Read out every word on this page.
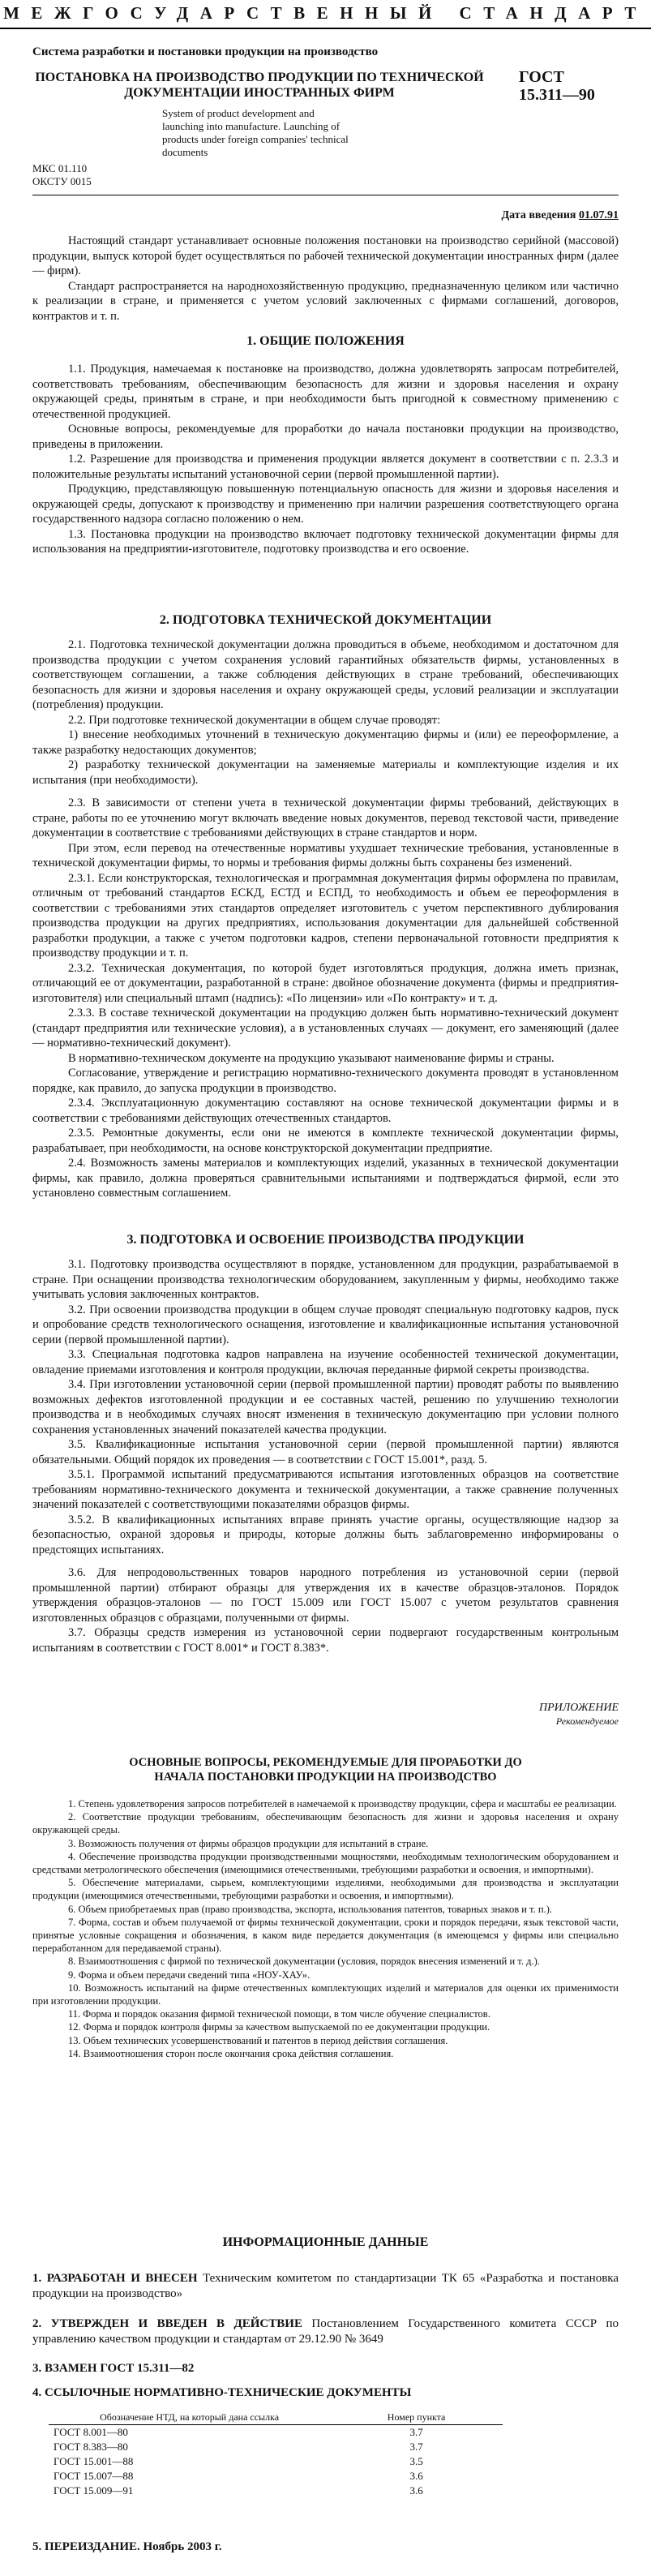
МЕЖГОСУДАРСТВЕННЫЙ СТАНДАРТ
Система разработки и постановки продукции на производство
ПОСТАНОВКА НА ПРОИЗВОДСТВО ПРОДУКЦИИ ПО ТЕХНИЧЕСКОЙ ДОКУМЕНТАЦИИ ИНОСТРАННЫХ ФИРМ
ГОСТ
15.311—90
System of product development and launching into manufacture. Launching of products under foreign companies' technical documents
МКС 01.110
ОКСТУ 0015
Дата введения 01.07.91

Настоящий стандарт устанавливает основные положения постановки на производство серийной (массовой) продукции, выпуск которой будет осуществляться по рабочей технической документации иностранных фирм (далее — фирм).

Стандарт распространяется на народнохозяйственную продукцию, предназначенную целиком или частично к реализации в стране, и применяется с учетом условий заключенных с фирмами соглашений, договоров, контрактов и т. п.

1. ОБЩИЕ ПОЛОЖЕНИЯ

1.1. Продукция, намечаемая к постановке на производство, должна удовлетворять запросам потребителей, соответствовать требованиям, обеспечивающим безопасность для жизни и здоровья населения и охрану окружающей среды, принятым в стране, и при необходимости быть пригодной к совместному применению с отечественной продукцией.

Основные вопросы, рекомендуемые для проработки до начала постановки продукции на производство, приведены в приложении.

1.2. Разрешение для производства и применения продукции является документ в соответствии с п. 2.3.3 и положительные результаты испытаний установочной серии (первой промышленной партии).

Продукцию, представляющую повышенную потенциальную опасность для жизни и здоровья населения и окружающей среды, допускают к производству и применению при наличии разрешения соответствующего органа государственного надзора согласно положению о нем.

1.3. Постановка продукции на производство включает подготовку технической документации фирмы для использования на предприятии-изготовителе, подготовку производства и его освоение.

2. ПОДГОТОВКА ТЕХНИЧЕСКОЙ ДОКУМЕНТАЦИИ

2.1. Подготовка технической документации должна проводиться в объеме, необходимом и достаточном для производства продукции с учетом сохранения условий гарантийных обязательств фирмы, установленных в соответствующем соглашении, а также соблюдения действующих в стране требований, обеспечивающих безопасность для жизни и здоровья населения и охрану окружающей среды, условий реализации и эксплуатации (потребления) продукции.

2.2. При подготовке технической документации в общем случае проводят:

1) внесение необходимых уточнений в техническую документацию фирмы и (или) ее переоформление, а также разработку недостающих документов;

2) разработку технической документации на заменяемые материалы и комплектующие изделия и их испытания (при необходимости).

2.3. В зависимости от степени учета в технической документации фирмы требований, действующих в стране, работы по ее уточнению могут включать введение новых документов, перевод текстовой части, приведение документации в соответствие с требованиями действующих в стране стандартов и норм.

При этом, если перевод на отечественные нормативы ухудшает технические требования, установленные в технической документации фирмы, то нормы и требования фирмы должны быть сохранены без изменений.

2.3.1. Если конструкторская, технологическая и программная документация фирмы оформлена по правилам, отличным от требований стандартов ЕСКД, ЕСТД и ЕСПД, то необходимость и объем ее переоформления в соответствии с требованиями этих стандартов определяет изготовитель с учетом перспективного дублирования производства продукции на других предприятиях, использования документации для дальнейшей собственной разработки продукции, а также с учетом подготовки кадров, степени первоначальной готовности предприятия к производству продукции и т. п.

2.3.2. Техническая документация, по которой будет изготовляться продукция, должна иметь признак, отличающий ее от документации, разработанной в стране: двойное обозначение документа (фирмы и предприятия-изготовителя) или специальный штамп (надпись): «По лицензии» или «По контракту» и т. д.

2.3.3. В составе технической документации на продукцию должен быть нормативно-технический документ (стандарт предприятия или технические условия), а в установленных случаях — документ, его заменяющий (далее — нормативно-технический документ).

В нормативно-техническом документе на продукцию указывают наименование фирмы и страны.

Согласование, утверждение и регистрацию нормативно-технического документа проводят в установленном порядке, как правило, до запуска продукции в производство.

2.3.4. Эксплуатационную документацию составляют на основе технической документации фирмы и в соответствии с требованиями действующих отечественных стандартов.

2.3.5. Ремонтные документы, если они не имеются в комплекте технической документации фирмы, разрабатывает, при необходимости, на основе конструкторской документации предприятие.

2.4. Возможность замены материалов и комплектующих изделий, указанных в технической документации фирмы, как правило, должна проверяться сравнительными испытаниями и подтверждаться фирмой, если это установлено совместным соглашением.

3. ПОДГОТОВКА И ОСВОЕНИЕ ПРОИЗВОДСТВА ПРОДУКЦИИ

3.1. Подготовку производства осуществляют в порядке, установленном для продукции, разрабатываемой в стране. При оснащении производства технологическим оборудованием, закупленным у фирмы, необходимо также учитывать условия заключенных контрактов.

3.2. При освоении производства продукции в общем случае проводят специальную подготовку кадров, пуск и опробование средств технологического оснащения, изготовление и квалификационные испытания установочной серии (первой промышленной партии).

3.3. Специальная подготовка кадров направлена на изучение особенностей технической документации, овладение приемами изготовления и контроля продукции, включая переданные фирмой секреты производства.

3.4. При изготовлении установочной серии (первой промышленной партии) проводят работы по выявлению возможных дефектов изготовленной продукции и ее составных частей, решению по улучшению технологии производства и в необходимых случаях вносят изменения в техническую документацию при условии полного сохранения установленных значений показателей качества продукции.

3.5. Квалификационные испытания установочной серии (первой промышленной партии) являются обязательными. Общий порядок их проведения — в соответствии с ГОСТ 15.001*, разд. 5.

3.5.1. Программой испытаний предусматриваются испытания изготовленных образцов на соответствие требованиям нормативно-технического документа и технической документации, а также сравнение полученных значений показателей с соответствующими показателями образцов фирмы.

3.5.2. В квалификационных испытаниях вправе принять участие органы, осуществляющие надзор за безопасностью, охраной здоровья и природы, которые должны быть заблаговременно информированы о предстоящих испытаниях.

3.6. Для непродовольственных товаров народного потребления из установочной серии (первой промышленной партии) отбирают образцы для утверждения их в качестве образцов-эталонов. Порядок утверждения образцов-эталонов — по ГОСТ 15.009 или ГОСТ 15.007 с учетом результатов сравнения изготовленных образцов с образцами, полученными от фирмы.

3.7. Образцы средств измерения из установочной серии подвергают государственным контрольным испытаниям в соответствии с ГОСТ 8.001* и ГОСТ 8.383*.

ПРИЛОЖЕНИЕ
Рекомендуемое
ОСНОВНЫЕ ВОПРОСЫ, РЕКОМЕНДУЕМЫЕ ДЛЯ ПРОРАБОТКИ ДО НАЧАЛА ПОСТАНОВКИ ПРОДУКЦИИ НА ПРОИЗВОДСТВО

1. Степень удовлетворения запросов потребителей в намечаемой к производству продукции, сфера и масштабы ее реализации.

2. Соответствие продукции требованиям, обеспечивающим безопасность для жизни и здоровья населения и охрану окружающей среды.

3. Возможность получения от фирмы образцов продукции для испытаний в стране.

4. Обеспечение производства продукции производственными мощностями, необходимым технологическим оборудованием и средствами метрологического обеспечения (имеющимися отечественными, требующими разработки и освоения, и импортными).

5. Обеспечение материалами, сырьем, комплектующими изделиями, необходимыми для производства и эксплуатации продукции (имеющимися отечественными, требующими разработки и освоения, и импортными).

6. Объем приобретаемых прав (право производства, экспорта, использования патентов, товарных знаков и т. п.).

7. Форма, состав и объем получаемой от фирмы технической документации, сроки и порядок передачи, язык текстовой части, принятые условные сокращения и обозначения, в каком виде передается документация (в имеющемся у фирмы или специально переработанном для передаваемой страны).

8. Взаимоотношения с фирмой по технической документации (условия, порядок внесения изменений и т. д.).

9. Форма и объем передачи сведений типа «НОУ-ХАУ».

10. Возможность испытаний на фирме отечественных комплектующих изделий и материалов для оценки их применимости при изготовлении продукции.

11. Форма и порядок оказания фирмой технической помощи, в том числе обучение специалистов.

12. Форма и порядок контроля фирмы за качеством выпускаемой по ее документации продукции.

13. Объем технических усовершенствований и патентов в период действия соглашения.

14. Взаимоотношения сторон после окончания срока действия соглашения.

ИНФОРМАЦИОННЫЕ ДАННЫЕ
1. РАЗРАБОТАН И ВНЕСЕН Техническим комитетом по стандартизации ТК 65 «Разработка и постановка продукции на производство»
2. УТВЕРЖДЕН И ВВЕДЕН В ДЕЙСТВИЕ Постановлением Государственного комитета СССР по управлению качеством продукции и стандартам от 29.12.90 № 3649
3. ВЗАМЕН ГОСТ 15.311—82
4. ССЫЛОЧНЫЕ НОРМАТИВНО-ТЕХНИЧЕСКИЕ ДОКУМЕНТЫ
Обозначение НТД, на который дана ссылка	Номер пункта
ГОСТ 8.001—80	3.7
ГОСТ 8.383—80	3.7
ГОСТ 15.001—88	3.5
ГОСТ 15.007—88	3.6
ГОСТ 15.009—91	3.6
5. ПЕРЕИЗДАНИЕ. Ноябрь 2003 г.
